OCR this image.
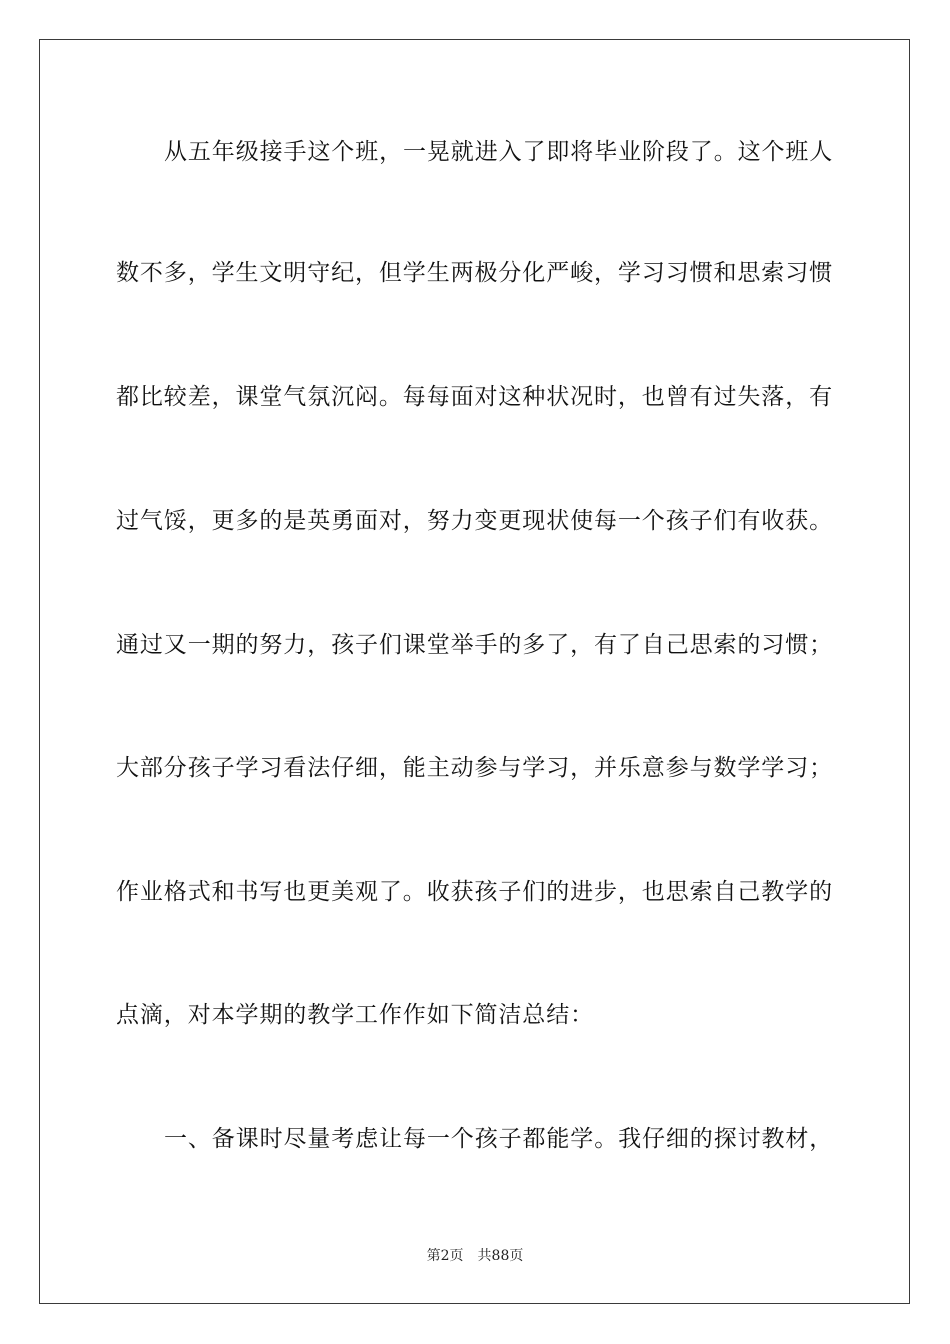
从五年级接手这个班，一晃就进入了即将毕业阶段了。这个班人
数不多，学生文明守纪，但学生两极分化严峻，学习习惯和思索习惯
都比较差，课堂气氛沉闷。每每面对这种状况时，也曾有过失落，有
过气馁，更多的是英勇面对，努力变更现状使每一个孩子们有收获。
通过又一期的努力，孩子们课堂举手的多了，有了自己思索的习惯；
大部分孩子学习看法仔细，能主动参与学习，并乐意参与数学学习；
作业格式和书写也更美观了。收获孩子们的进步，也思索自己教学的
点滴，对本学期的教学工作作如下简洁总结：
一、备课时尽量考虑让每一个孩子都能学。我仔细的探讨教材，
第2页 共88页
